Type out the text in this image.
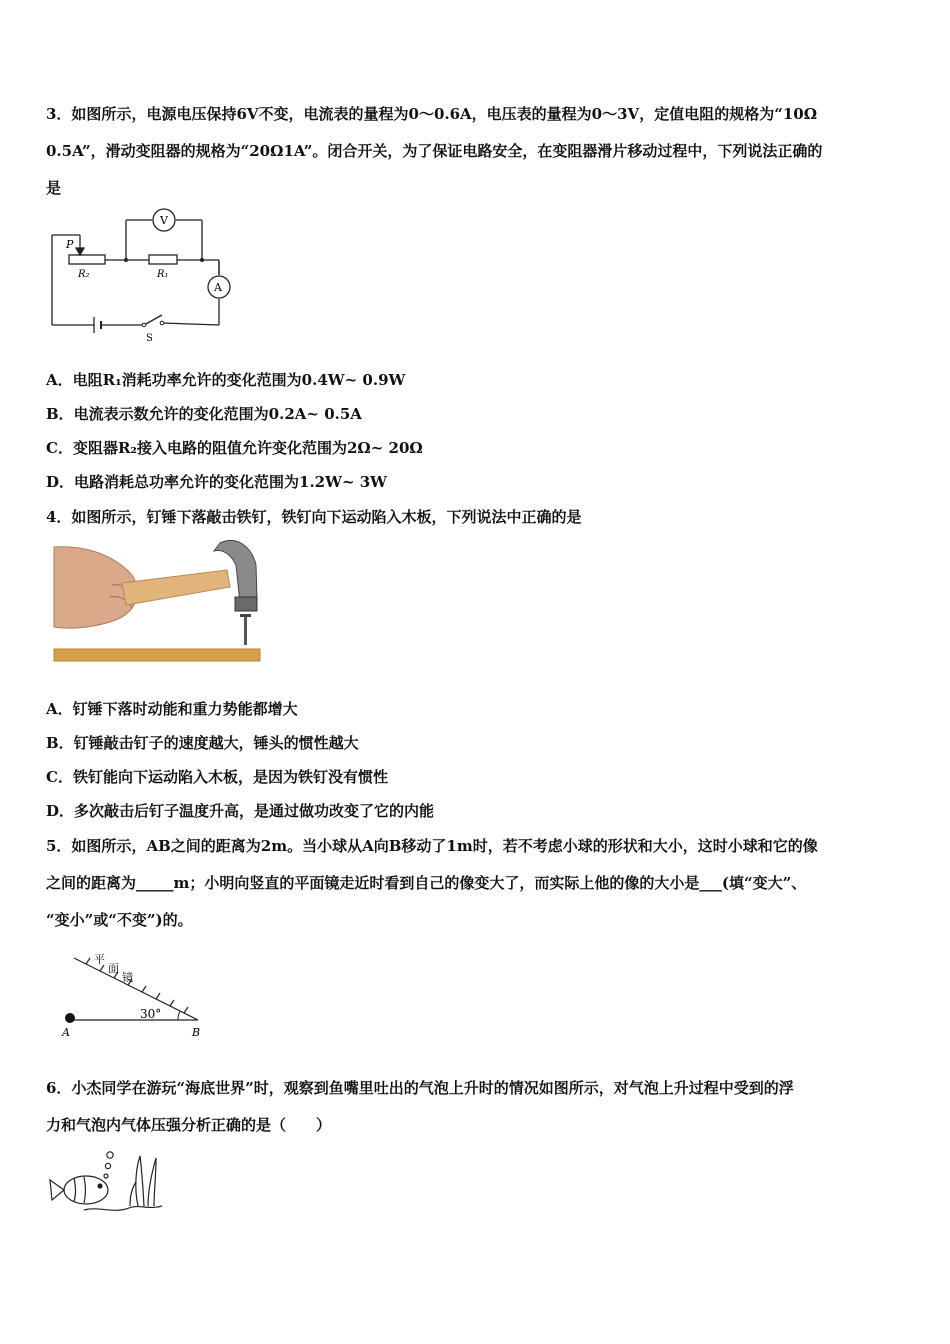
3．如图所示，电源电压保持6V不变，电流表的量程为0～0.6A，电压表的量程为0～3V，定值电阻的规格为“10Ω
0.5A”，滑动变阻器的规格为“20Ω1A”。闭合开关，为了保证电路安全，在变阻器滑片移动过程中，下列说法正确的
是
P
R₂	R₁
V
A
S
A．电阻R₁消耗功率允许的变化范围为0.4W~ 0.9W
B．电流表示数允许的变化范围为0.2A~ 0.5A
C．变阻器R₂接入电路的阻值允许变化范围为2Ω~ 20Ω
D．电路消耗总功率允许的变化范围为1.2W~ 3W
4．如图所示，钉锤下落敲击铁钉，铁钉向下运动陷入木板，下列说法中正确的是
A．钉锤下落时动能和重力势能都增大
B．钉锤敲击钉子的速度越大，锤头的惯性越大
C．铁钉能向下运动陷入木板，是因为铁钉没有惯性
D．多次敲击后钉子温度升高，是通过做功改变了它的内能
5．如图所示，AB之间的距离为2m。当小球从A向B移动了1m时，若不考虑小球的形状和大小，这时小球和它的像
之间的距离为_____m；小明向竖直的平面镜走近时看到自己的像变大了，而实际上他的像的大小是___(填“变大”、
“变小”或“不变”)的。
平
面
镜
30°
A	B
6．小杰同学在游玩“海底世界”时，观察到鱼嘴里吐出的气泡上升时的情况如图所示，对气泡上升过程中受到的浮
力和气泡内气体压强分析正确的是（　　）
